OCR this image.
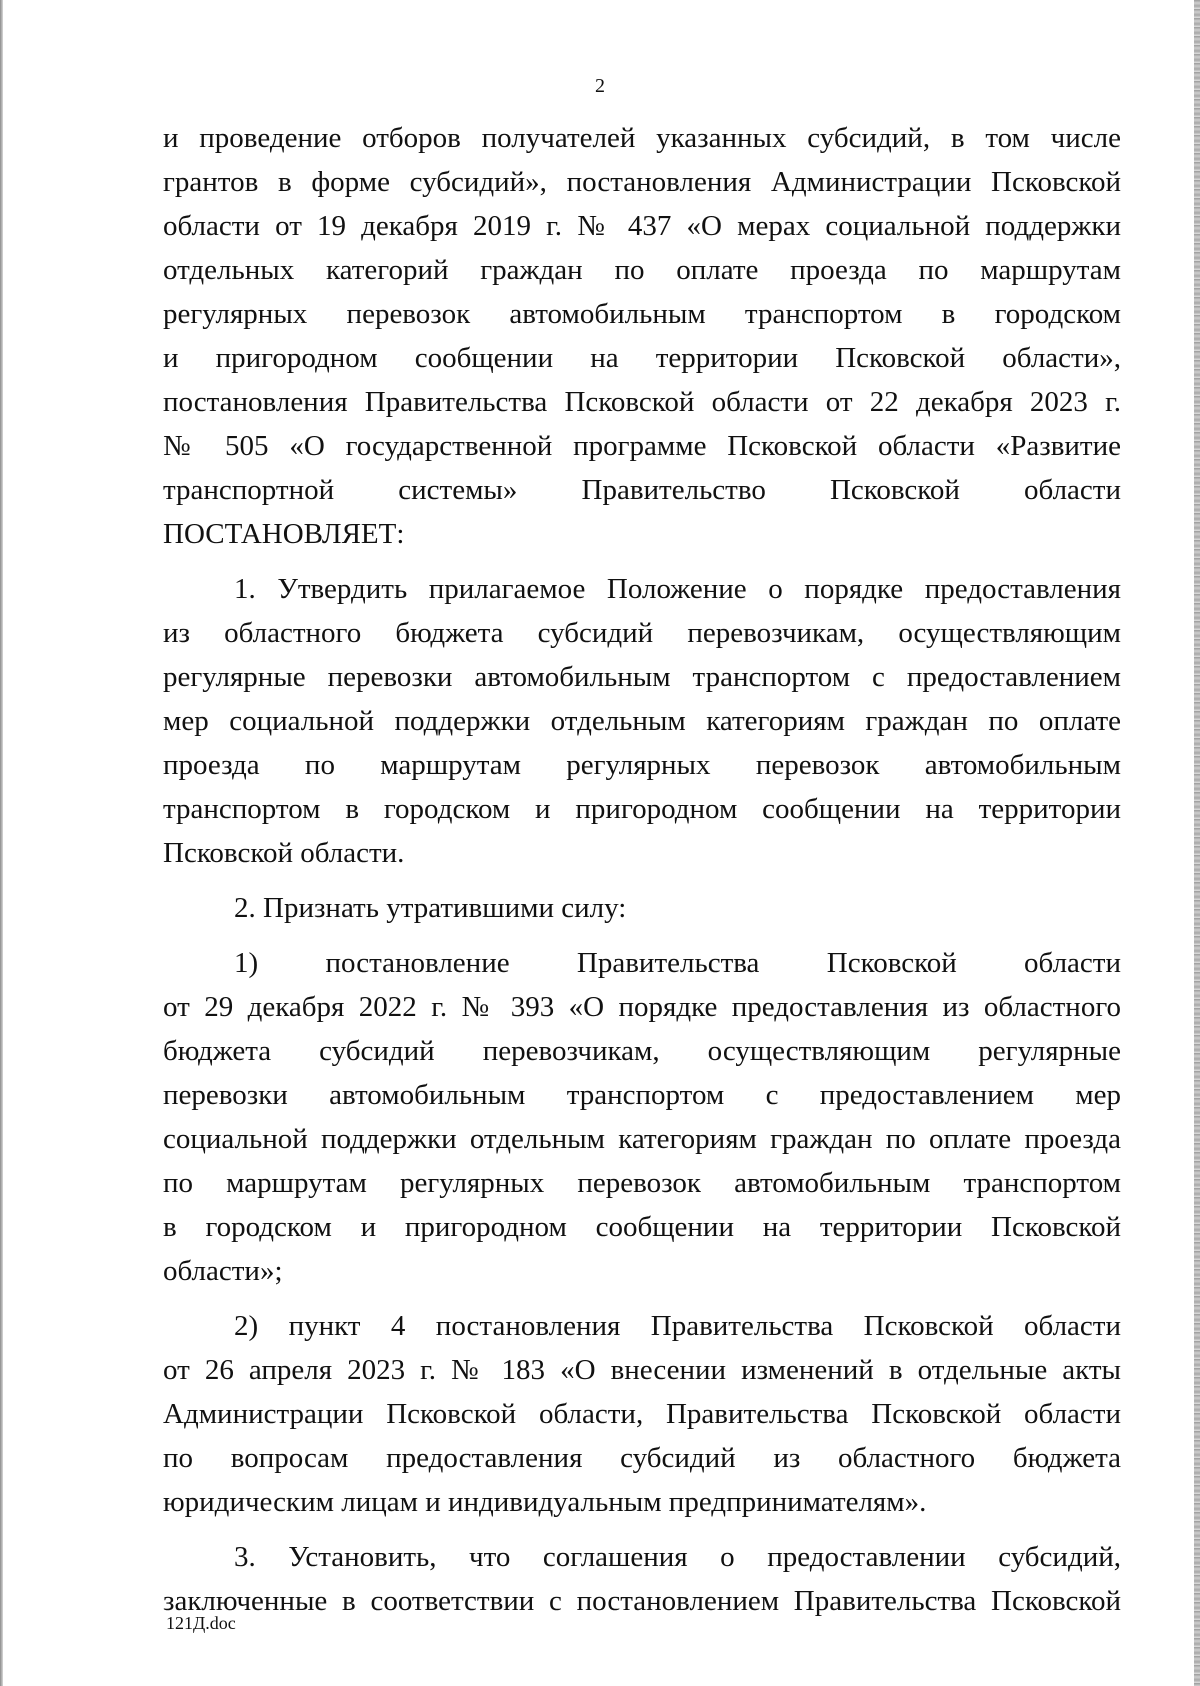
2
и проведение отборов получателей указанных субсидий, в том числе
грантов в форме субсидий», постановления Администрации Псковской
области от 19 декабря 2019 г. № 437 «О мерах социальной поддержки
отдельных категорий граждан по оплате проезда по маршрутам
регулярных перевозок автомобильным транспортом в городском
и пригородном сообщении на территории Псковской области»,
постановления Правительства Псковской области от 22 декабря 2023 г.
№ 505 «О государственной программе Псковской области «Развитие
транспортной системы» Правительство Псковской области
ПОСТАНОВЛЯЕТ:
1. Утвердить прилагаемое Положение о порядке предоставления
из областного бюджета субсидий перевозчикам, осуществляющим
регулярные перевозки автомобильным транспортом с предоставлением
мер социальной поддержки отдельным категориям граждан по оплате
проезда по маршрутам регулярных перевозок автомобильным
транспортом в городском и пригородном сообщении на территории
Псковской области.
2. Признать утратившими силу:
1) постановление Правительства Псковской области
от 29 декабря 2022 г. № 393 «О порядке предоставления из областного
бюджета субсидий перевозчикам, осуществляющим регулярные
перевозки автомобильным транспортом с предоставлением мер
социальной поддержки отдельным категориям граждан по оплате проезда
по маршрутам регулярных перевозок автомобильным транспортом
в городском и пригородном сообщении на территории Псковской
области»;
2) пункт 4 постановления Правительства Псковской области
от 26 апреля 2023 г. № 183 «О внесении изменений в отдельные акты
Администрации Псковской области, Правительства Псковской области
по вопросам предоставления субсидий из областного бюджета
юридическим лицам и индивидуальным предпринимателям».
3. Установить, что соглашения о предоставлении субсидий,
заключенные в соответствии с постановлением Правительства Псковской
121Д.doc
